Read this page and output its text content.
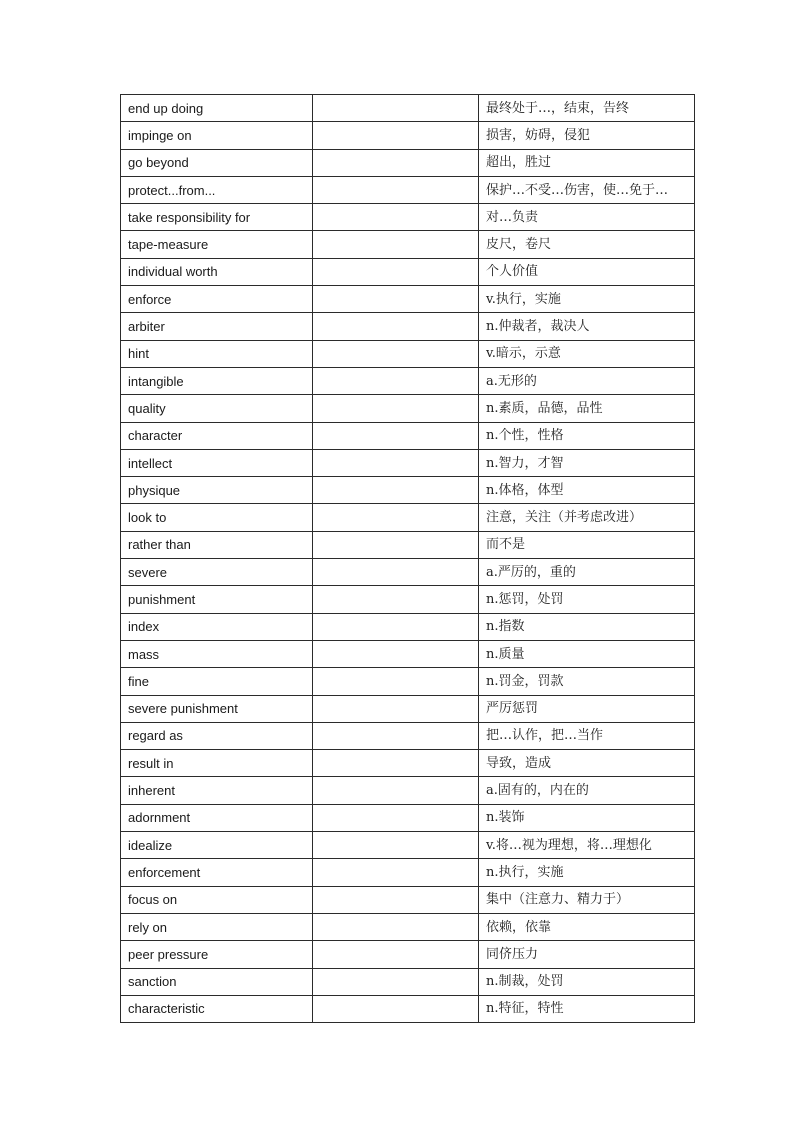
end up doing		最终处于…，结束，告终
impinge on		损害，妨碍，侵犯
go beyond		超出，胜过
protect...from...		保护…不受…伤害，使…免于…
take responsibility for		对…负责
tape-measure		皮尺，卷尺
individual worth		个人价值
enforce		v.执行，实施
arbiter		n.仲裁者，裁决人
hint		v.暗示，示意
intangible		a.无形的
quality		n.素质，品德，品性
character		n.个性，性格
intellect		n.智力，才智
physique		n.体格，体型
look to		注意，关注（并考虑改进）
rather than		而不是
severe		a.严厉的，重的
punishment		n.惩罚，处罚
index		n.指数
mass		n.质量
fine		n.罚金，罚款
severe punishment		严厉惩罚
regard as		把…认作，把…当作
result in		导致，造成
inherent		a.固有的，内在的
adornment		n.装饰
idealize		v.将…视为理想，将…理想化
enforcement		n.执行，实施
focus on		集中（注意力、精力于）
rely on		依赖，依靠
peer pressure		同侪压力
sanction		n.制裁，处罚
characteristic		n.特征，特性
